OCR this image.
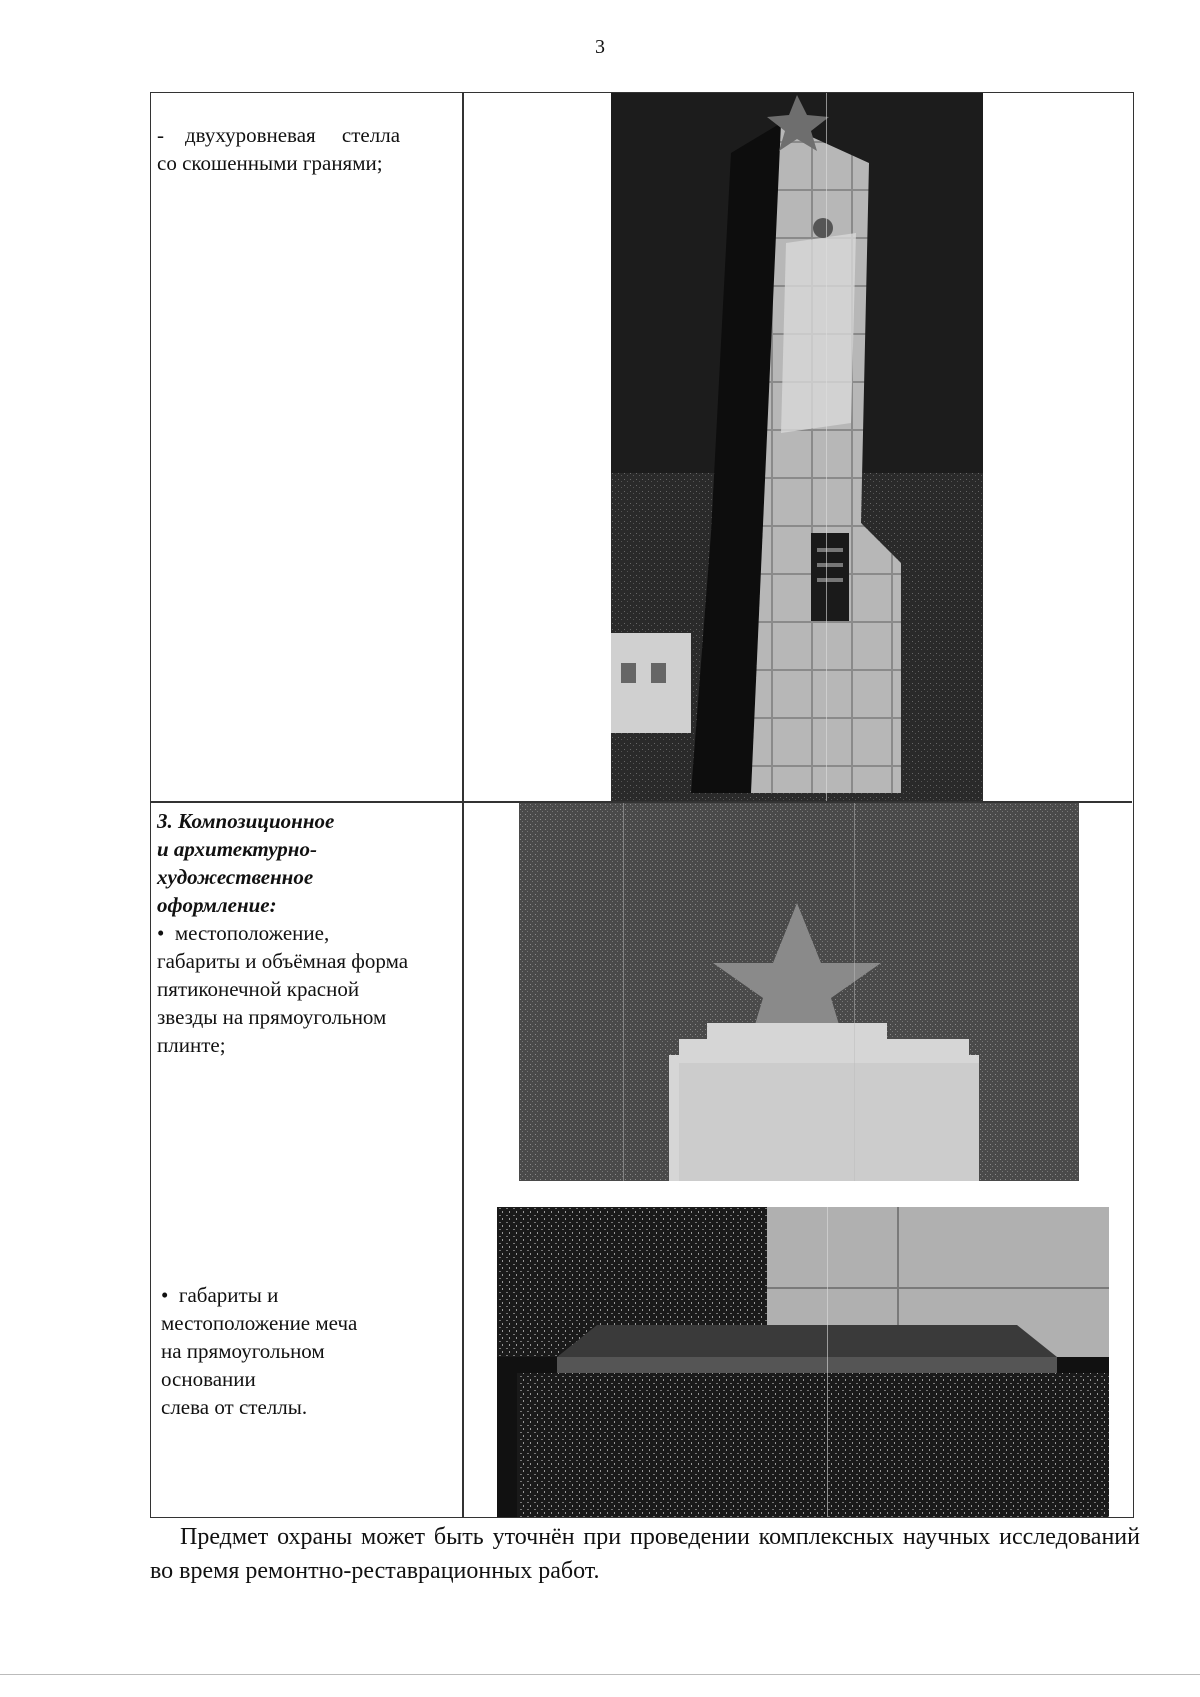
3
-    двухуровневая     стелла
со скошенными гранями;
3. Композиционное
и архитектурно-
художественное
оформление:
•  местоположение,
габариты и объёмная форма
пятиконечной красной
звезды на прямоугольном
плинте;
•  габариты и
местоположение меча
на прямоугольном
основании
слева от стеллы.
Предмет охраны может быть уточнён при проведении комплексных научных исследований во время ремонтно-реставрационных работ.
